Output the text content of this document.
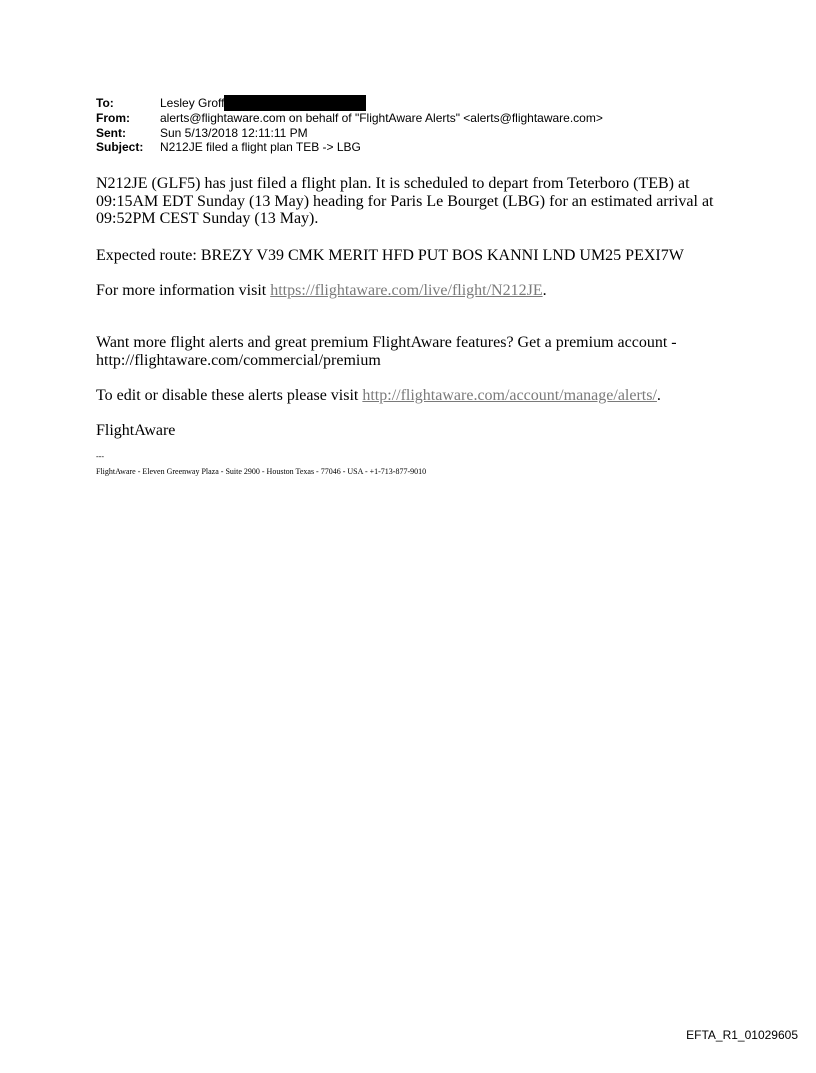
To:	Lesley Groff
From:	alerts@flightaware.com on behalf of "FlightAware Alerts" <alerts@flightaware.com>
Sent:	Sun 5/13/2018 12:11:11 PM
Subject:	N212JE filed a flight plan TEB -> LBG

N212JE (GLF5) has just filed a flight plan. It is scheduled to depart from Teterboro (TEB) at 09:15AM EDT Sunday (13 May) heading for Paris Le Bourget (LBG) for an estimated arrival at 09:52PM CEST Sunday (13 May).

Expected route: BREZY V39 CMK MERIT HFD PUT BOS KANNI LND UM25 PEXI7W

For more information visit https://flightaware.com/live/flight/N212JE.

Want more flight alerts and great premium FlightAware features? Get a premium account - http://flightaware.com/commercial/premium

To edit or disable these alerts please visit http://flightaware.com/account/manage/alerts/.

FlightAware

---
FlightAware - Eleven Greenway Plaza - Suite 2900 - Houston Texas - 77046 - USA - +1-713-877-9010
EFTA_R1_01029605
